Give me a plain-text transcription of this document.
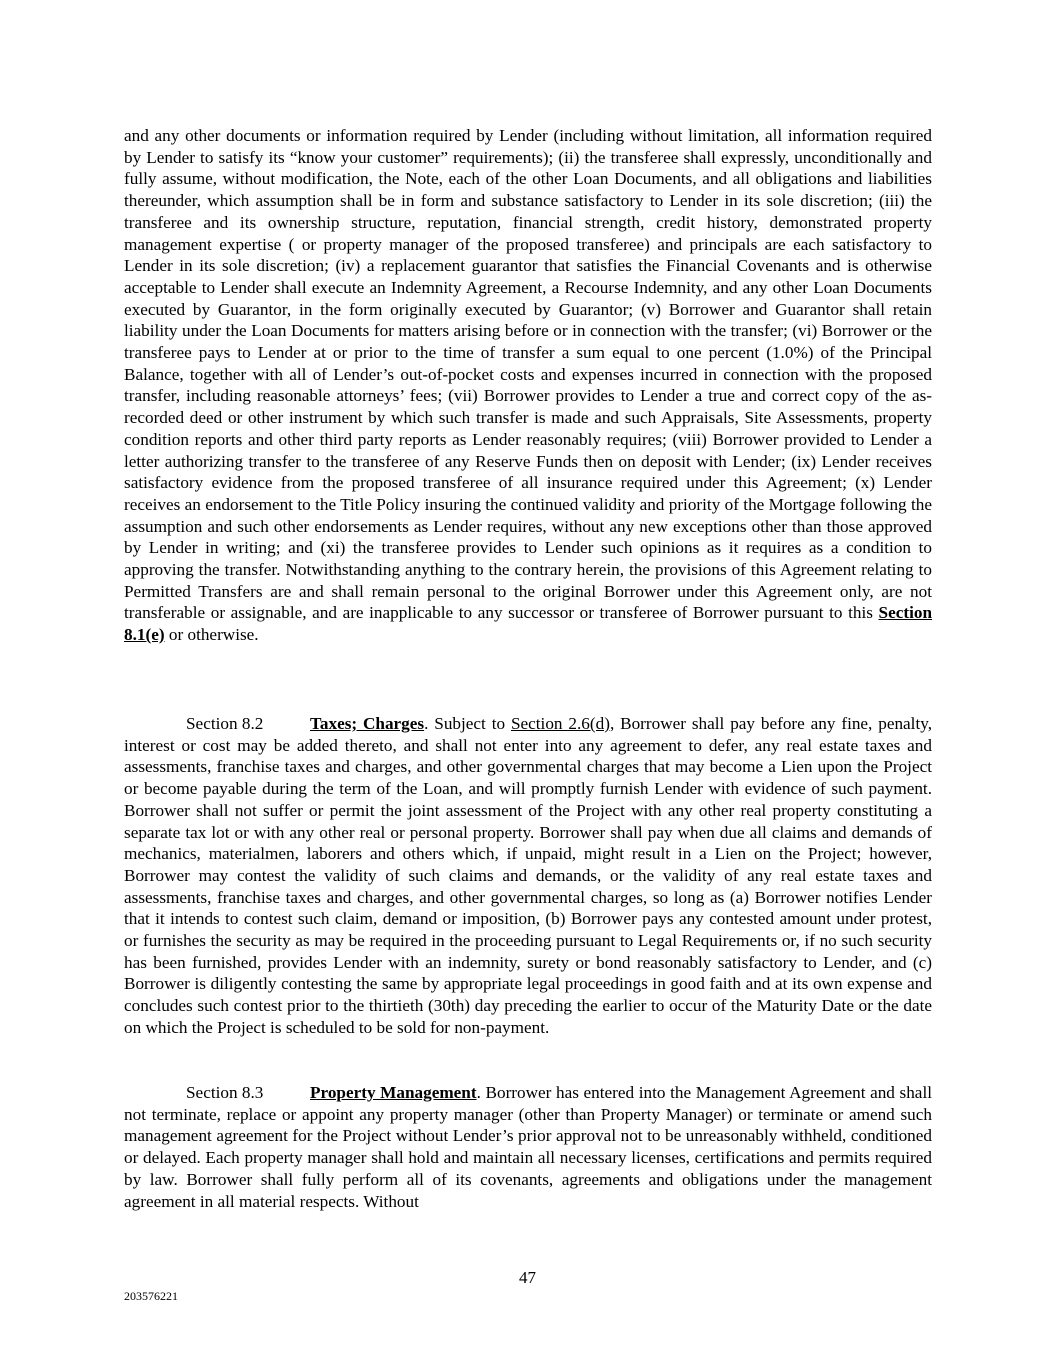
and any other documents or information required by Lender (including without limitation, all information required by Lender to satisfy its “know your customer” requirements); (ii) the transferee shall expressly, unconditionally and fully assume, without modification, the Note, each of the other Loan Documents, and all obligations and liabilities thereunder, which assumption shall be in form and substance satisfactory to Lender in its sole discretion; (iii) the transferee and its ownership structure, reputation, financial strength, credit history, demonstrated property management expertise ( or property manager of the proposed transferee) and principals are each satisfactory to Lender in its sole discretion; (iv) a replacement guarantor that satisfies the Financial Covenants and is otherwise acceptable to Lender shall execute an Indemnity Agreement, a Recourse Indemnity, and any other Loan Documents executed by Guarantor, in the form originally executed by Guarantor; (v) Borrower and Guarantor shall retain liability under the Loan Documents for matters arising before or in connection with the transfer; (vi) Borrower or the transferee pays to Lender at or prior to the time of transfer a sum equal to one percent (1.0%) of the Principal Balance, together with all of Lender’s out-of-pocket costs and expenses incurred in connection with the proposed transfer, including reasonable attorneys’ fees; (vii) Borrower provides to Lender a true and correct copy of the as-recorded deed or other instrument by which such transfer is made and such Appraisals, Site Assessments, property condition reports and other third party reports as Lender reasonably requires; (viii) Borrower provided to Lender a letter authorizing transfer to the transferee of any Reserve Funds then on deposit with Lender; (ix) Lender receives satisfactory evidence from the proposed transferee of all insurance required under this Agreement; (x) Lender receives an endorsement to the Title Policy insuring the continued validity and priority of the Mortgage following the assumption and such other endorsements as Lender requires, without any new exceptions other than those approved by Lender in writing; and (xi) the transferee provides to Lender such opinions as it requires as a condition to approving the transfer. Notwithstanding anything to the contrary herein, the provisions of this Agreement relating to Permitted Transfers are and shall remain personal to the original Borrower under this Agreement only, are not transferable or assignable, and are inapplicable to any successor or transferee of Borrower pursuant to this Section 8.1(e) or otherwise.

Section 8.2	Taxes; Charges. Subject to Section 2.6(d), Borrower shall pay before any fine, penalty, interest or cost may be added thereto, and shall not enter into any agreement to defer, any real estate taxes and assessments, franchise taxes and charges, and other governmental charges that may become a Lien upon the Project or become payable during the term of the Loan, and will promptly furnish Lender with evidence of such payment. Borrower shall not suffer or permit the joint assessment of the Project with any other real property constituting a separate tax lot or with any other real or personal property. Borrower shall pay when due all claims and demands of mechanics, materialmen, laborers and others which, if unpaid, might result in a Lien on the Project; however, Borrower may contest the validity of such claims and demands, or the validity of any real estate taxes and assessments, franchise taxes and charges, and other governmental charges, so long as (a) Borrower notifies Lender that it intends to contest such claim, demand or imposition, (b) Borrower pays any contested amount under protest, or furnishes the security as may be required in the proceeding pursuant to Legal Requirements or, if no such security has been furnished, provides Lender with an indemnity, surety or bond reasonably satisfactory to Lender, and (c) Borrower is diligently contesting the same by appropriate legal proceedings in good faith and at its own expense and concludes such contest prior to the thirtieth (30th) day preceding the earlier to occur of the Maturity Date or the date on which the Project is scheduled to be sold for non-payment.

Section 8.3	Property Management. Borrower has entered into the Management Agreement and shall not terminate, replace or appoint any property manager (other than Property Manager) or terminate or amend such management agreement for the Project without Lender’s prior approval not to be unreasonably withheld, conditioned or delayed. Each property manager shall hold and maintain all necessary licenses, certifications and permits required by law. Borrower shall fully perform all of its covenants, agreements and obligations under the management agreement in all material respects. Without

47
203576221
